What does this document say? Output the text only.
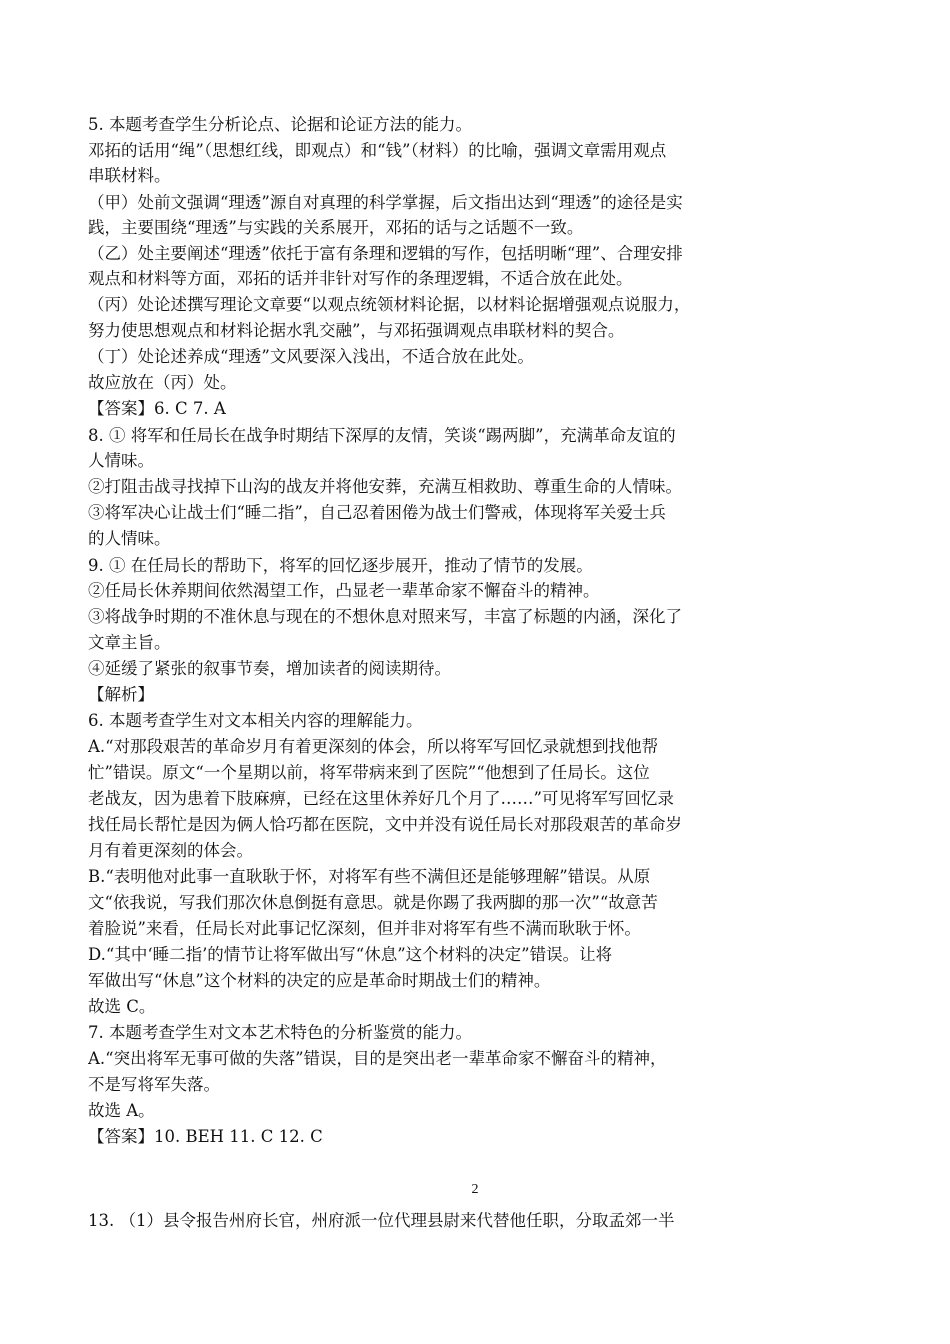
5. 本题考查学生分析论点、论据和论证方法的能力。
邓拓的话用“绳”（思想红线，即观点）和“钱”（材料）的比喻，强调文章需用观点
串联材料。
（甲）处前文强调“理透”源自对真理的科学掌握，后文指出达到“理透”的途径是实
践，主要围绕“理透”与实践的关系展开，邓拓的话与之话题不一致。
（乙）处主要阐述“理透”依托于富有条理和逻辑的写作，包括明晰“理”、合理安排
观点和材料等方面，邓拓的话并非针对写作的条理逻辑，不适合放在此处。
（丙）处论述撰写理论文章要“以观点统领材料论据，以材料论据增强观点说服力，
努力使思想观点和材料论据水乳交融”，与邓拓强调观点串联材料的契合。
（丁）处论述养成“理透”文风要深入浅出，不适合放在此处。
故应放在（丙）处。
【答案】6. C 7. A
8. ① 将军和任局长在战争时期结下深厚的友情，笑谈“踢两脚”，充满革命友谊的
人情味。
②打阻击战寻找掉下山沟的战友并将他安葬，充满互相救助、尊重生命的人情味。
③将军决心让战士们“睡二指”，自己忍着困倦为战士们警戒，体现将军关爱士兵
的人情味。
9. ① 在任局长的帮助下，将军的回忆逐步展开，推动了情节的发展。
②任局长休养期间依然渴望工作，凸显老一辈革命家不懈奋斗的精神。
③将战争时期的不准休息与现在的不想休息对照来写，丰富了标题的内涵，深化了
文章主旨。
④延缓了紧张的叙事节奏，增加读者的阅读期待。
【解析】
6. 本题考查学生对文本相关内容的理解能力。
A.“对那段艰苦的革命岁月有着更深刻的体会，所以将军写回忆录就想到找他帮
忙”错误。原文“一个星期以前，将军带病来到了医院”“他想到了任局长。这位
老战友，因为患着下肢麻痹，已经在这里休养好几个月了……”可见将军写回忆录
找任局长帮忙是因为俩人恰巧都在医院，文中并没有说任局长对那段艰苦的革命岁
月有着更深刻的体会。
B.“表明他对此事一直耿耿于怀，对将军有些不满但还是能够理解”错误。从原
文“依我说，写我们那次休息倒挺有意思。就是你踢了我两脚的那一次”“故意苦
着脸说”来看，任局长对此事记忆深刻，但并非对将军有些不满而耿耿于怀。
D.“其中‘睡二指’的情节让将军做出写“休息”这个材料的决定”错误。让将
军做出写“休息”这个材料的决定的应是革命时期战士们的精神。
故选 C。
7. 本题考查学生对文本艺术特色的分析鉴赏的能力。
A.“突出将军无事可做的失落”错误，目的是突出老一辈革命家不懈奋斗的精神，
不是写将军失落。
故选 A。
【答案】10. BEH 11. C 12. C
2
13. （1）县令报告州府长官，州府派一位代理县尉来代替他任职，分取孟郊一半
